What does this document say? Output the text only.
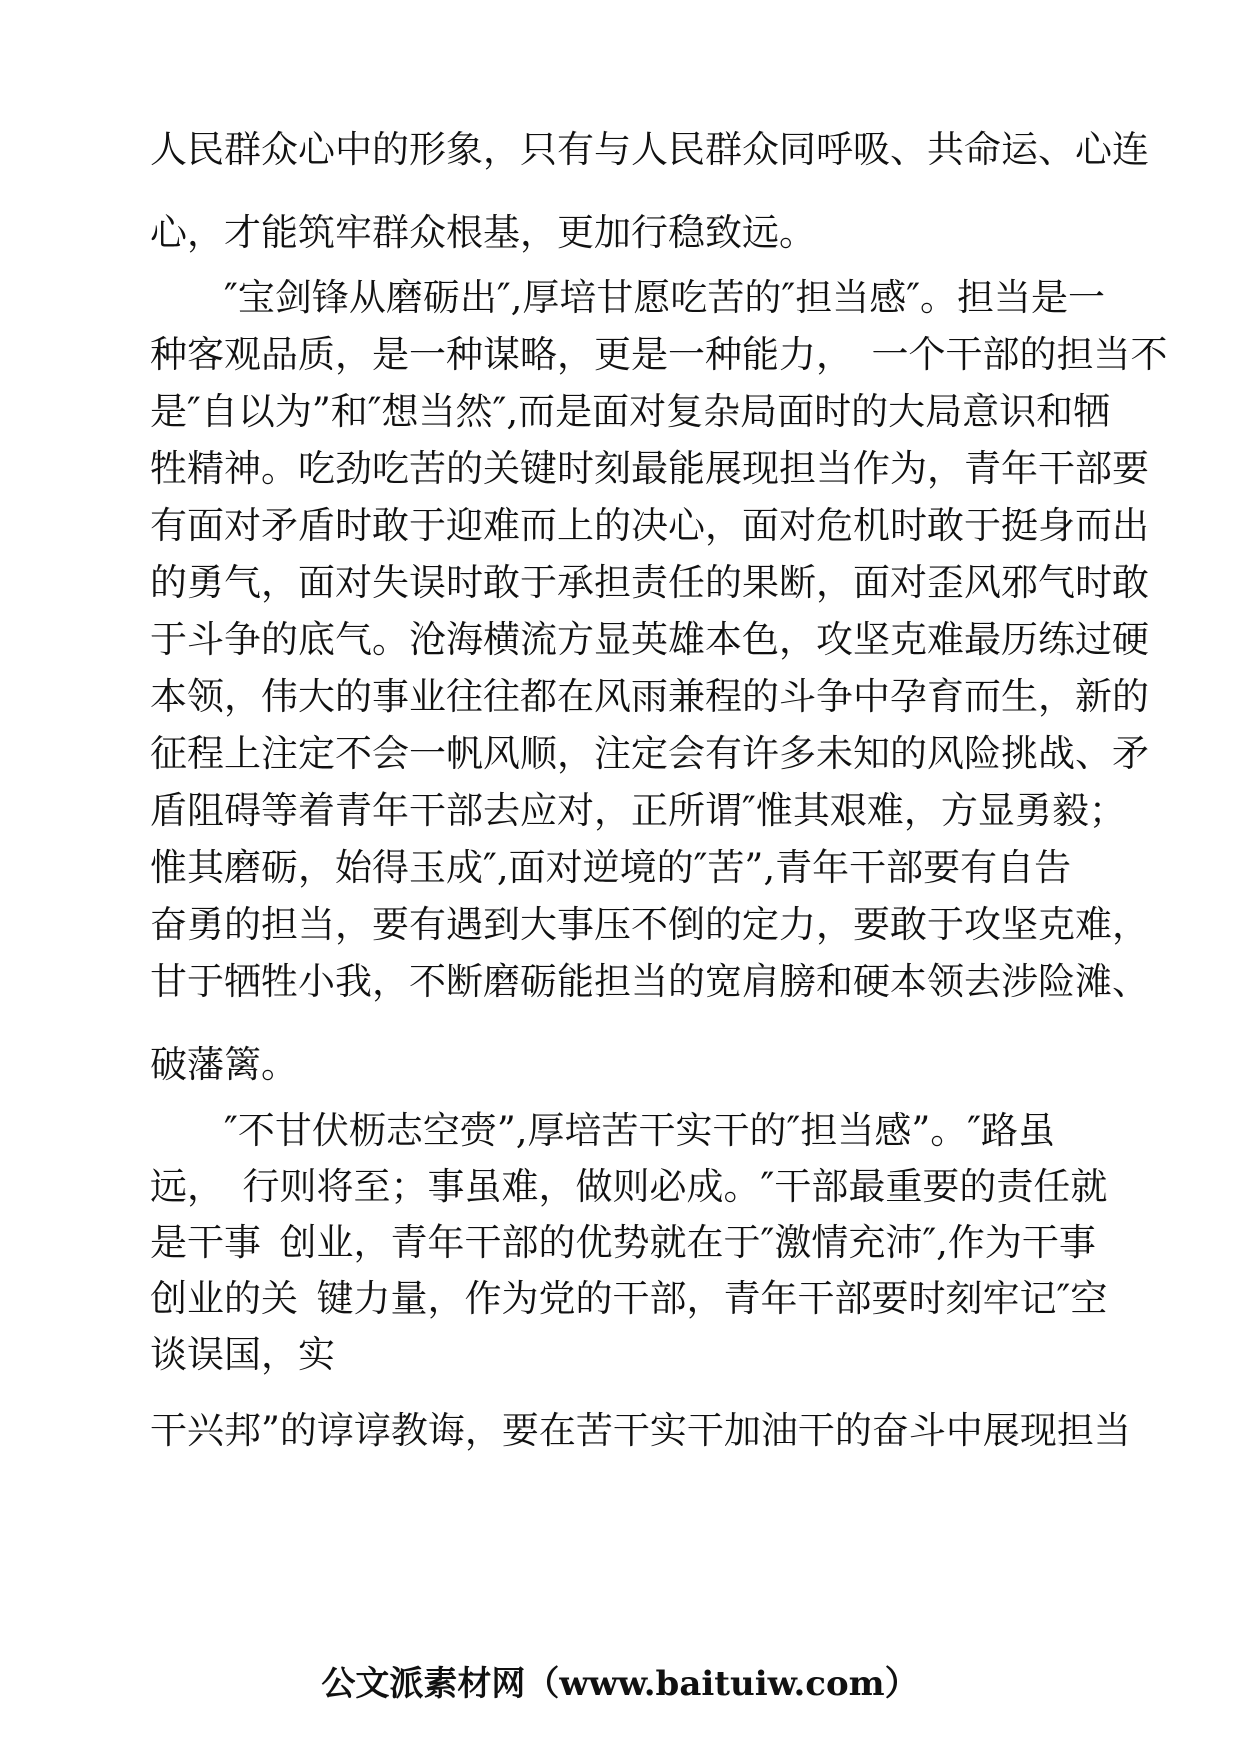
人民群众心中的形象，只有与人民群众同呼吸、共命运、心连
心，才能筑牢群众根基，更加行稳致远。
　　″宝剑锋从磨砺出″,厚培甘愿吃苦的″担当感″。担当是一
种客观品质，是一种谋略，更是一种能力，　一个干部的担当不
是″自以为”和″想当然″,而是面对复杂局面时的大局意识和牺
牲精神。吃劲吃苦的关键时刻最能展现担当作为，青年干部要
有面对矛盾时敢于迎难而上的决心，面对危机时敢于挺身而出
的勇气，面对失误时敢于承担责任的果断，面对歪风邪气时敢
于斗争的底气。沧海横流方显英雄本色，攻坚克难最历练过硬
本领，伟大的事业往往都在风雨兼程的斗争中孕育而生，新的
征程上注定不会一帆风顺，注定会有许多未知的风险挑战、矛
盾阻碍等着青年干部去应对，正所谓″惟其艰难，方显勇毅；
惟其磨砺，始得玉成″,面对逆境的″苦”,青年干部要有自告
奋勇的担当，要有遇到大事压不倒的定力，要敢于攻坚克难，
甘于牺牲小我，不断磨砺能担当的宽肩膀和硬本领去涉险滩、
破藩篱。
　　″不甘伏枥志空赍”,厚培苦干实干的″担当感”。″路虽
远，　行则将至；事虽难，做则必成。″干部最重要的责任就
是干事 创业，青年干部的优势就在于″激情充沛″,作为干事
创业的关 键力量，作为党的干部，青年干部要时刻牢记″空
谈误国，实
干兴邦”的谆谆教诲，要在苦干实干加油干的奋斗中展现担当
公文派素材网（www.baituiw.com）
